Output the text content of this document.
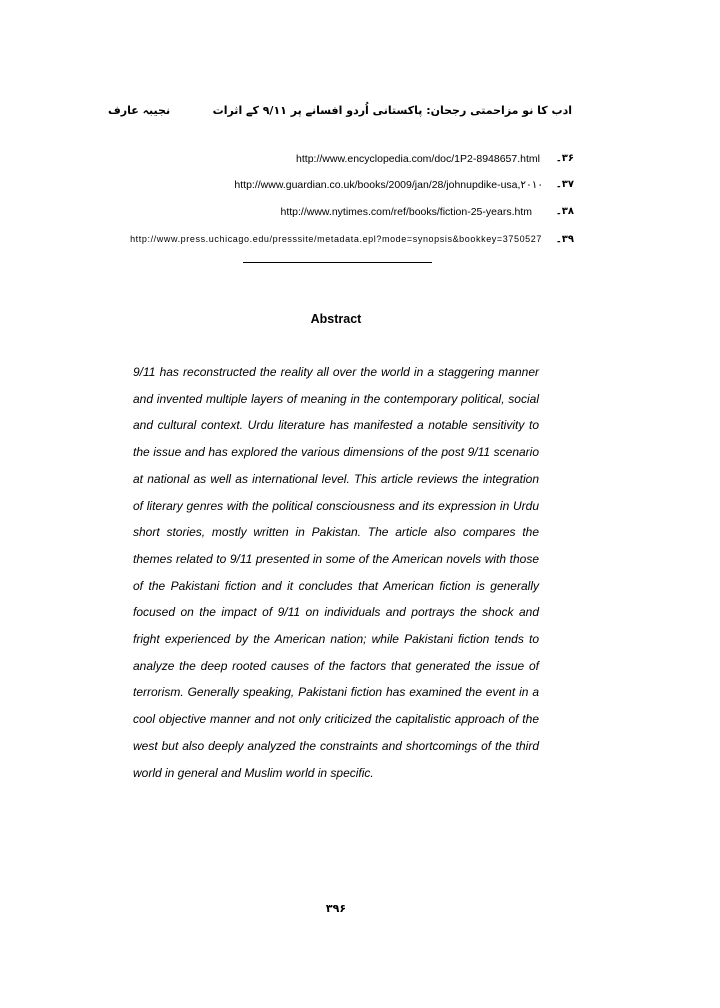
نجیبہ عارف	ادب کا نو مزاحمتی رجحان: پاکستانی اُردو افسانے پر ۹/۱۱ کے اثرات
۳۶۔
http://www.encyclopedia.com/doc/1P2-8948657.html
۳۷۔
http://www.guardian.co.uk/books/2009/jan/28/johnupdike-usa,۲۰۱۰
۳۸۔
http://www.nytimes.com/ref/books/fiction-25-years.htm
۳۹۔
http://www.press.uchicago.edu/presssite/metadata.epl?mode=synopsis&bookkey=3750527
Abstract

9/11 has reconstructed the reality all over the world in a staggering manner and invented multiple layers of meaning in the contemporary political, social and cultural context. Urdu literature has manifested a notable sensitivity to the issue and has explored the various dimensions of the post 9/11 scenario at national as well as international level. This article reviews the integration of literary genres with the political consciousness and its expression in Urdu short stories, mostly written in Pakistan. The article also compares the themes related to 9/11 presented in some of the American novels with those of the Pakistani fiction and it concludes that American fiction is generally focused on the impact of 9/11 on individuals and portrays the shock and fright experienced by the American nation; while Pakistani fiction tends to analyze the deep rooted causes of the factors that generated the issue of terrorism. Generally speaking, Pakistani fiction has examined the event in a cool objective manner and not only criticized the capitalistic approach of the west but also deeply analyzed the constraints and shortcomings of the third world in general and Muslim world in specific.

۳۹۶
